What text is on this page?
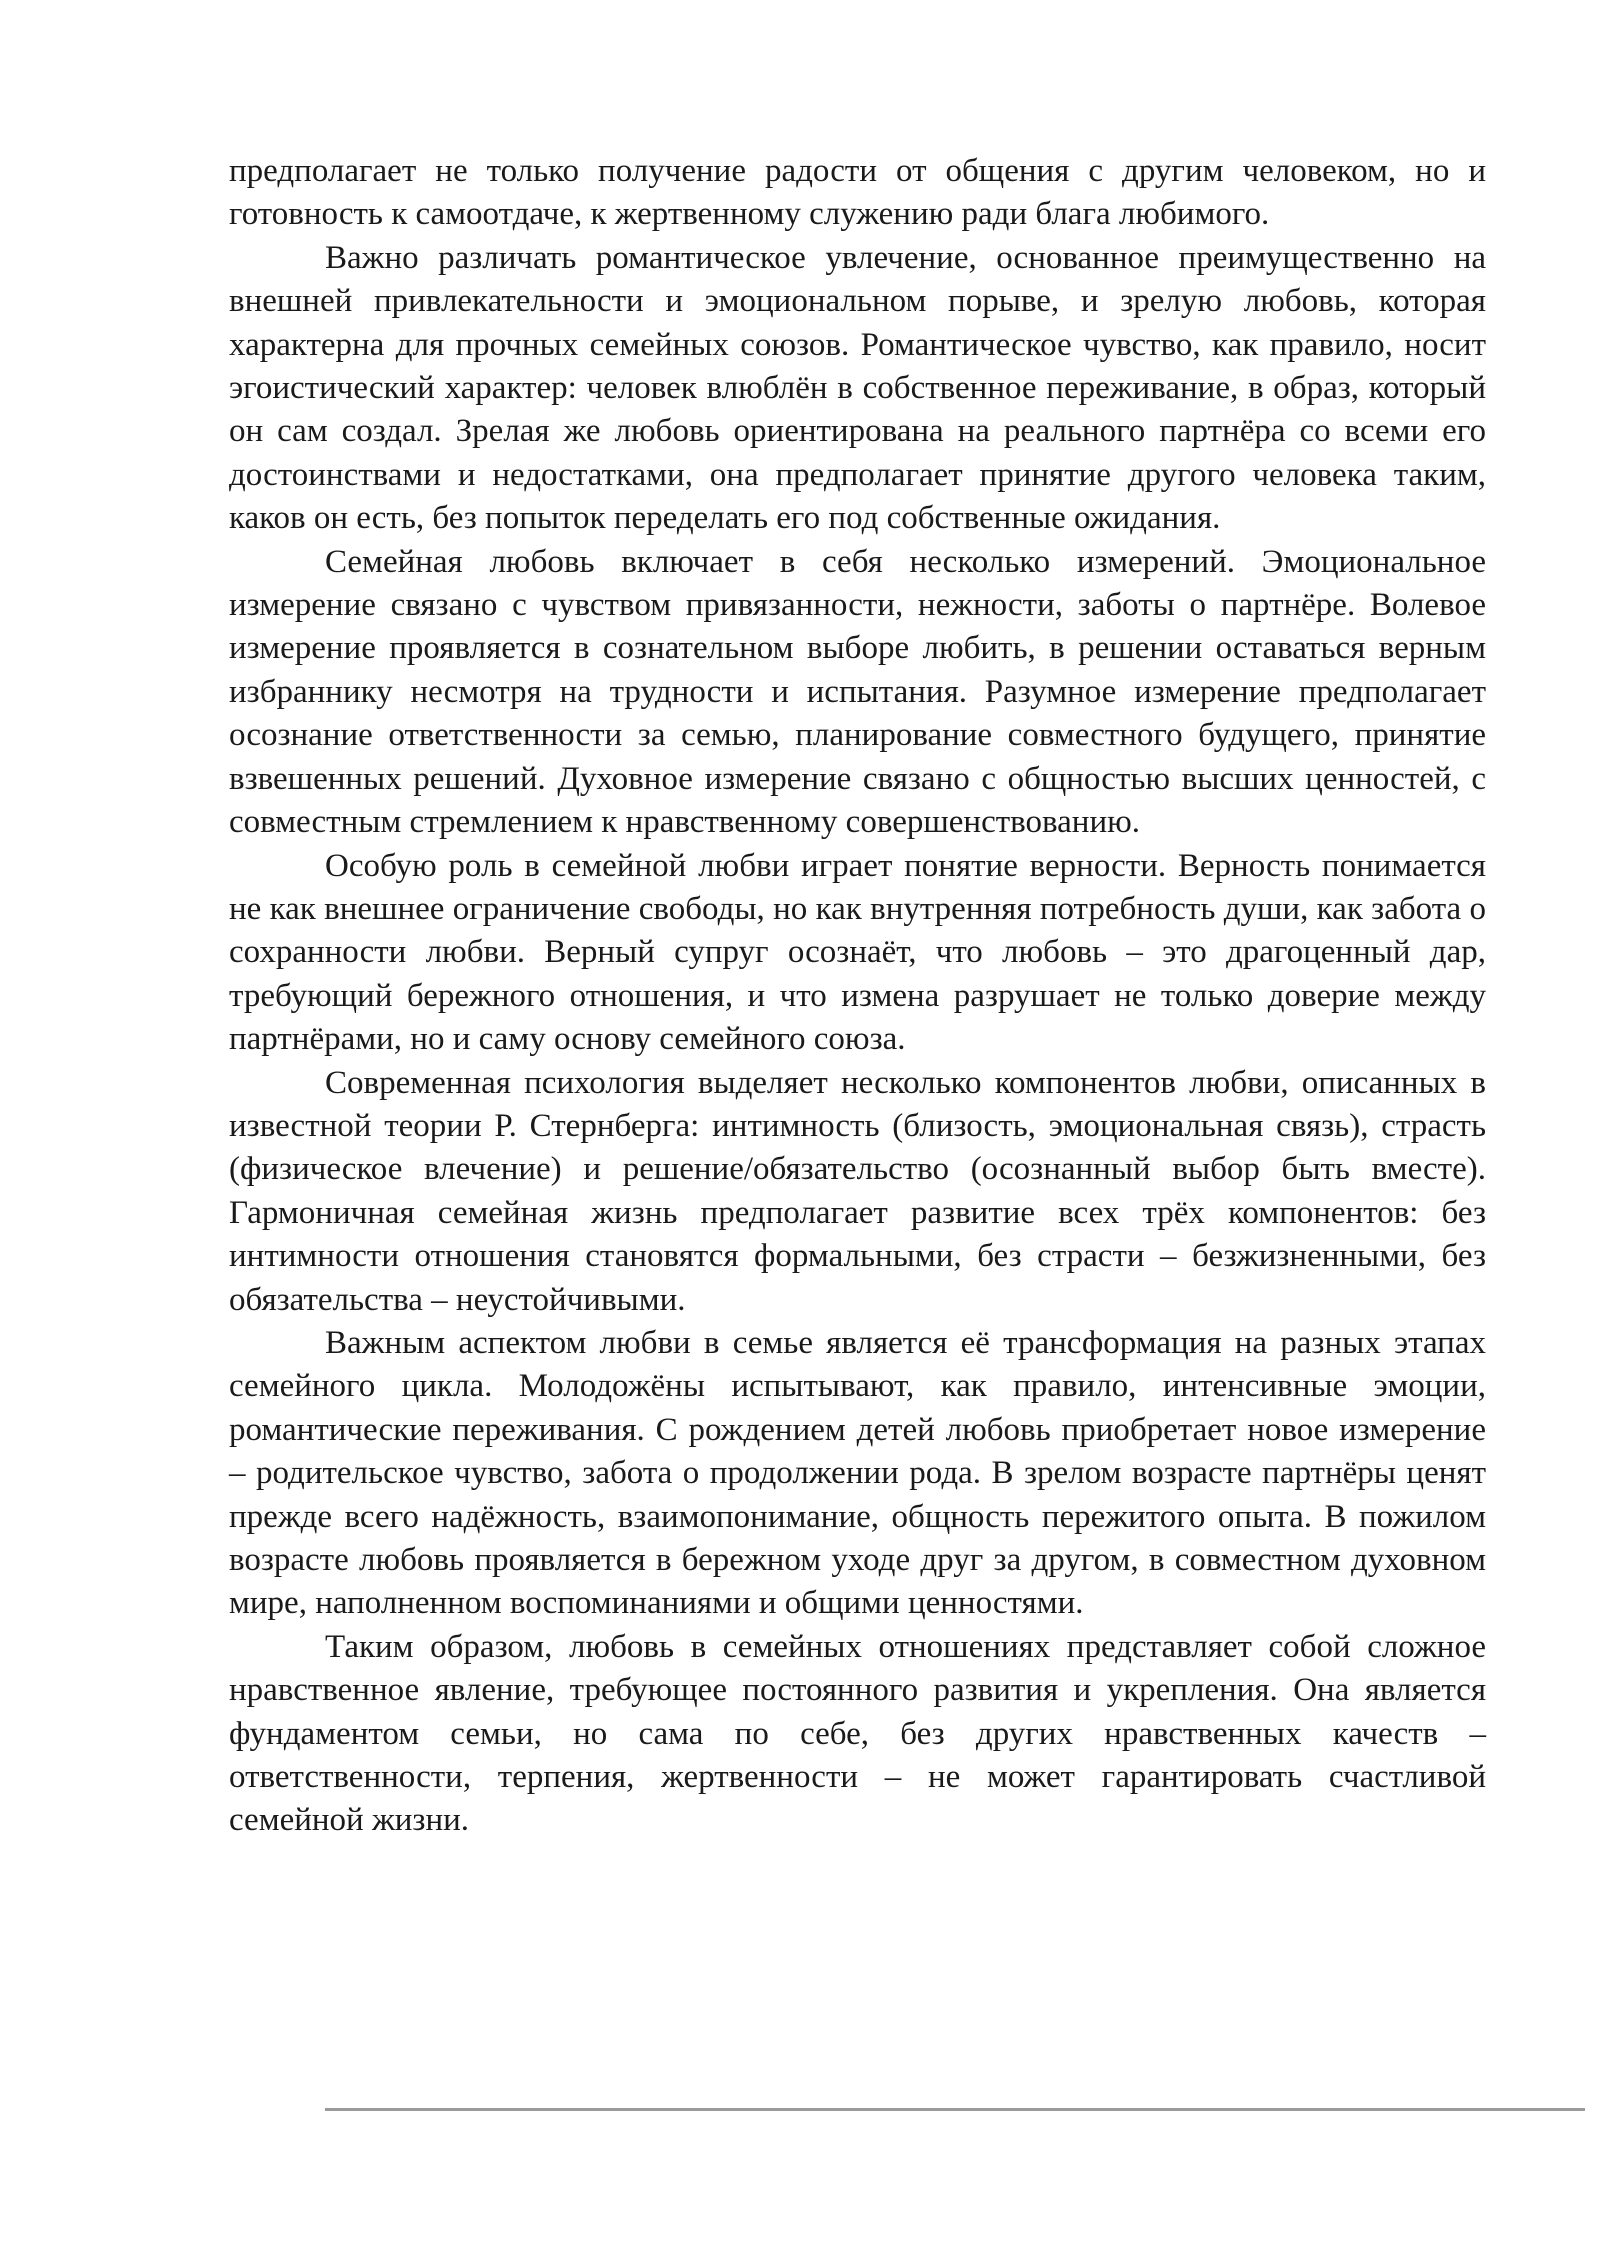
предполагает не только получение радости от общения с другим человеком, но и готовность к самоотдаче, к жертвенному служению ради блага любимого.

Важно различать романтическое увлечение, основанное преимущественно на внешней привлекательности и эмоциональном порыве, и зрелую любовь, которая характерна для прочных семейных союзов. Романтическое чувство, как правило, носит эгоистический характер: человек влюблён в собственное переживание, в образ, который он сам создал. Зрелая же любовь ориентирована на реального партнёра со всеми его достоинствами и недостатками, она предполагает принятие другого человека таким, каков он есть, без попыток переделать его под собственные ожидания.

Семейная любовь включает в себя несколько измерений. Эмоциональное измерение связано с чувством привязанности, нежности, заботы о партнёре. Волевое измерение проявляется в сознательном выборе любить, в решении оставаться верным избраннику несмотря на трудности и испытания. Разумное измерение предполагает осознание ответственности за семью, планирование совместного будущего, принятие взвешенных решений. Духовное измерение связано с общностью высших ценностей, с совместным стремлением к нравственному совершенствованию.

Особую роль в семейной любви играет понятие верности. Верность понимается не как внешнее ограничение свободы, но как внутренняя потребность души, как забота о сохранности любви. Верный супруг осознаёт, что любовь – это драгоценный дар, требующий бережного отношения, и что измена разрушает не только доверие между партнёрами, но и саму основу семейного союза.

Современная психология выделяет несколько компонентов любви, описанных в известной теории Р. Стернберга: интимность (близость, эмоциональная связь), страсть (физическое влечение) и решение/обязательство (осознанный выбор быть вместе). Гармоничная семейная жизнь предполагает развитие всех трёх компонентов: без интимности отношения становятся формальными, без страсти – безжизненными, без обязательства – неустойчивыми.

Важным аспектом любви в семье является её трансформация на разных этапах семейного цикла. Молодожёны испытывают, как правило, интенсивные эмоции, романтические переживания. С рождением детей любовь приобретает новое измерение – родительское чувство, забота о продолжении рода. В зрелом возрасте партнёры ценят прежде всего надёжность, взаимопонимание, общность пережитого опыта. В пожилом возрасте любовь проявляется в бережном уходе друг за другом, в совместном духовном мире, наполненном воспоминаниями и общими ценностями.

Таким образом, любовь в семейных отношениях представляет собой сложное нравственное явление, требующее постоянного развития и укрепления. Она является фундаментом семьи, но сама по себе, без других нравственных качеств – ответственности, терпения, жертвенности – не может гарантировать счастливой семейной жизни.
